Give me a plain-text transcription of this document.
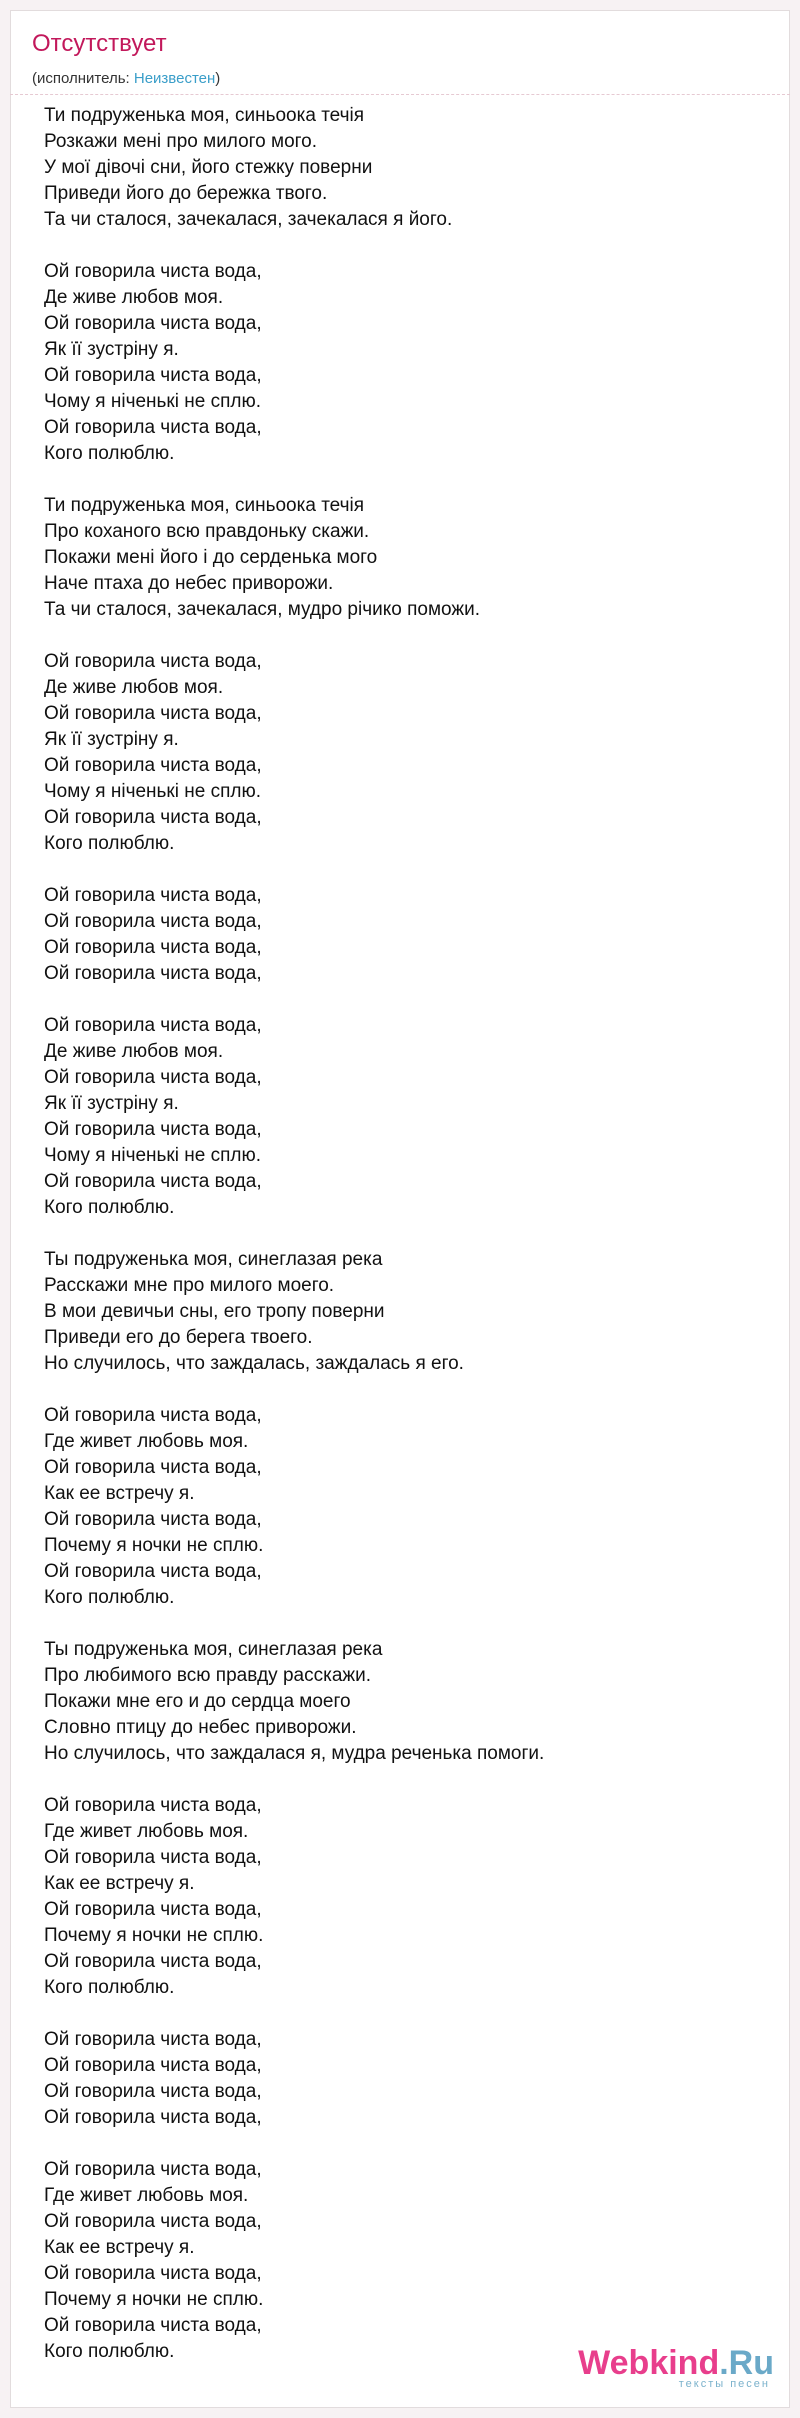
Отсутствует
(исполнитель: Неизвестен)
Ти подруженька моя, синьоока течія
Розкажи мені про милого мого.
У мої дівочі сни, його стежку поверни
Приведи його до бережка твого.
Та чи сталося, зачекалася, зачекалася я його.
Ой говорила чиста вода,
Де живе любов моя.
Ой говорила чиста вода,
Як її зустріну я.
Ой говорила чиста вода,
Чому я ніченькі не сплю.
Ой говорила чиста вода,
Кого полюблю.
Ти подруженька моя, синьоока течія
Про коханого всю правдоньку скажи.
Покажи мені його і до серденька мого
Наче птаха до небес приворожи.
Та чи сталося, зачекалася, мудро річико поможи.
Ой говорила чиста вода,
Де живе любов моя.
Ой говорила чиста вода,
Як її зустріну я.
Ой говорила чиста вода,
Чому я ніченькі не сплю.
Ой говорила чиста вода,
Кого полюблю.
Ой говорила чиста вода,
Ой говорила чиста вода,
Ой говорила чиста вода,
Ой говорила чиста вода,
Ой говорила чиста вода,
Де живе любов моя.
Ой говорила чиста вода,
Як її зустріну я.
Ой говорила чиста вода,
Чому я ніченькі не сплю.
Ой говорила чиста вода,
Кого полюблю.
Ты подруженька моя, синеглазая река
Расскажи мне про милого моего.
В мои девичьи сны, его тропу поверни
Приведи его до берега твоего.
Но случилось, что заждалась, заждалась я его.
Ой говорила чиста вода,
Где живет любовь моя.
Ой говорила чиста вода,
Как ее встречу я.
Ой говорила чиста вода,
Почему я ночки не сплю.
Ой говорила чиста вода,
Кого полюблю.
Ты подруженька моя, синеглазая река
Про любимого всю правду расскажи.
Покажи мне его и до сердца моего
Словно птицу до небес приворожи.
Но случилось, что заждалася я, мудра реченька помоги.
Ой говорила чиста вода,
Где живет любовь моя.
Ой говорила чиста вода,
Как ее встречу я.
Ой говорила чиста вода,
Почему я ночки не сплю.
Ой говорила чиста вода,
Кого полюблю.
Ой говорила чиста вода,
Ой говорила чиста вода,
Ой говорила чиста вода,
Ой говорила чиста вода,
Ой говорила чиста вода,
Где живет любовь моя.
Ой говорила чиста вода,
Как ее встречу я.
Ой говорила чиста вода,
Почему я ночки не сплю.
Ой говорила чиста вода,
Кого полюблю.	Webkind.Ru
тексты песен
